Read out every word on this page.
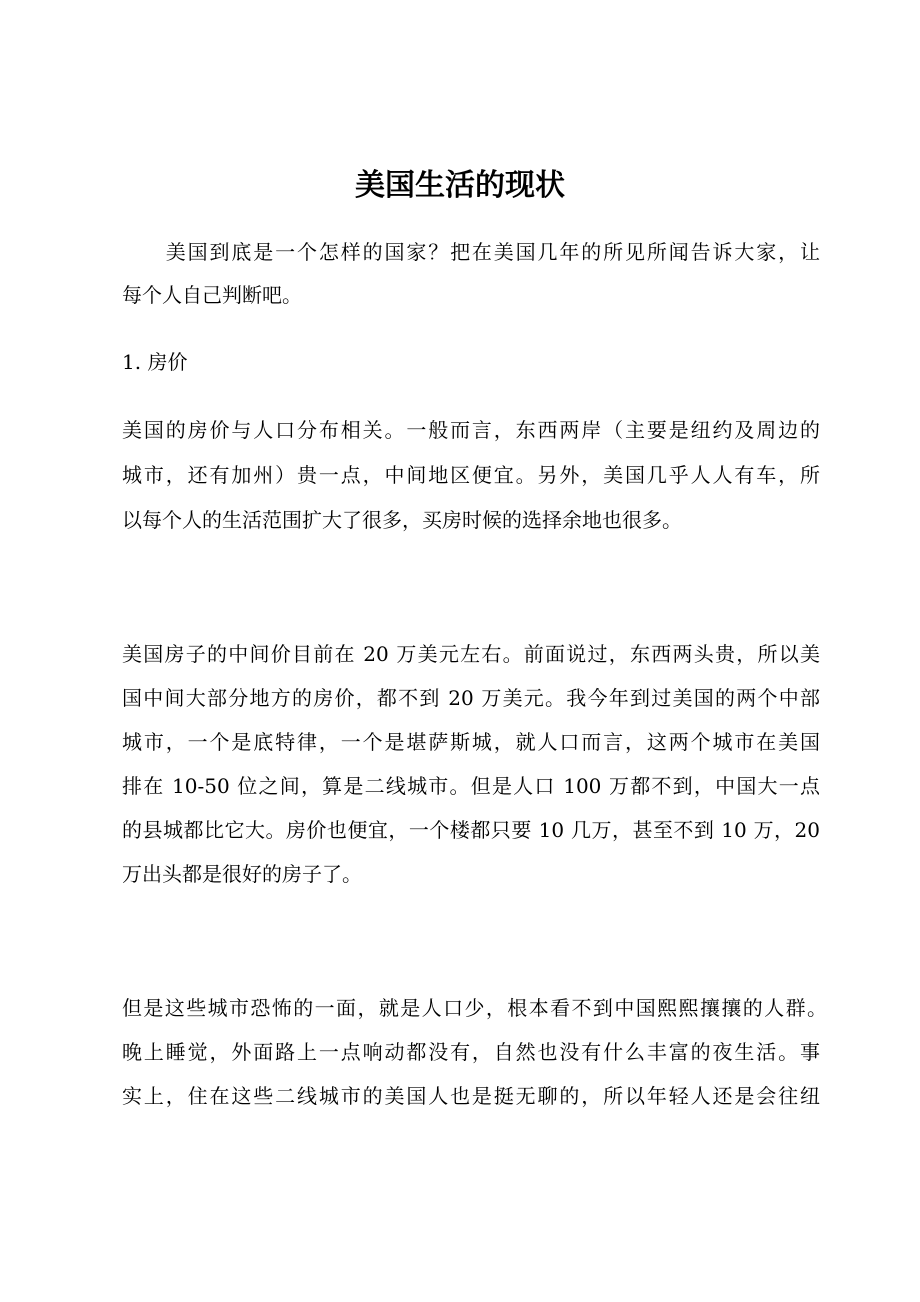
美国生活的现状
　　美国到底是一个怎样的国家？把在美国几年的所见所闻告诉大家，让
每个人自己判断吧。
1. 房价
美国的房价与人口分布相关。一般而言，东西两岸（主要是纽约及周边的
城市，还有加州）贵一点，中间地区便宜。另外，美国几乎人人有车，所
以每个人的生活范围扩大了很多，买房时候的选择余地也很多。
美国房子的中间价目前在 20 万美元左右。前面说过，东西两头贵，所以美
国中间大部分地方的房价，都不到 20 万美元。我今年到过美国的两个中部
城市，一个是底特律，一个是堪萨斯城，就人口而言，这两个城市在美国
排在 10-50 位之间，算是二线城市。但是人口 100 万都不到，中国大一点
的县城都比它大。房价也便宜，一个楼都只要 10 几万，甚至不到 10 万，20
万出头都是很好的房子了。
但是这些城市恐怖的一面，就是人口少，根本看不到中国熙熙攘攘的人群。
晚上睡觉，外面路上一点响动都没有，自然也没有什么丰富的夜生活。事
实上，住在这些二线城市的美国人也是挺无聊的，所以年轻人还是会往纽
